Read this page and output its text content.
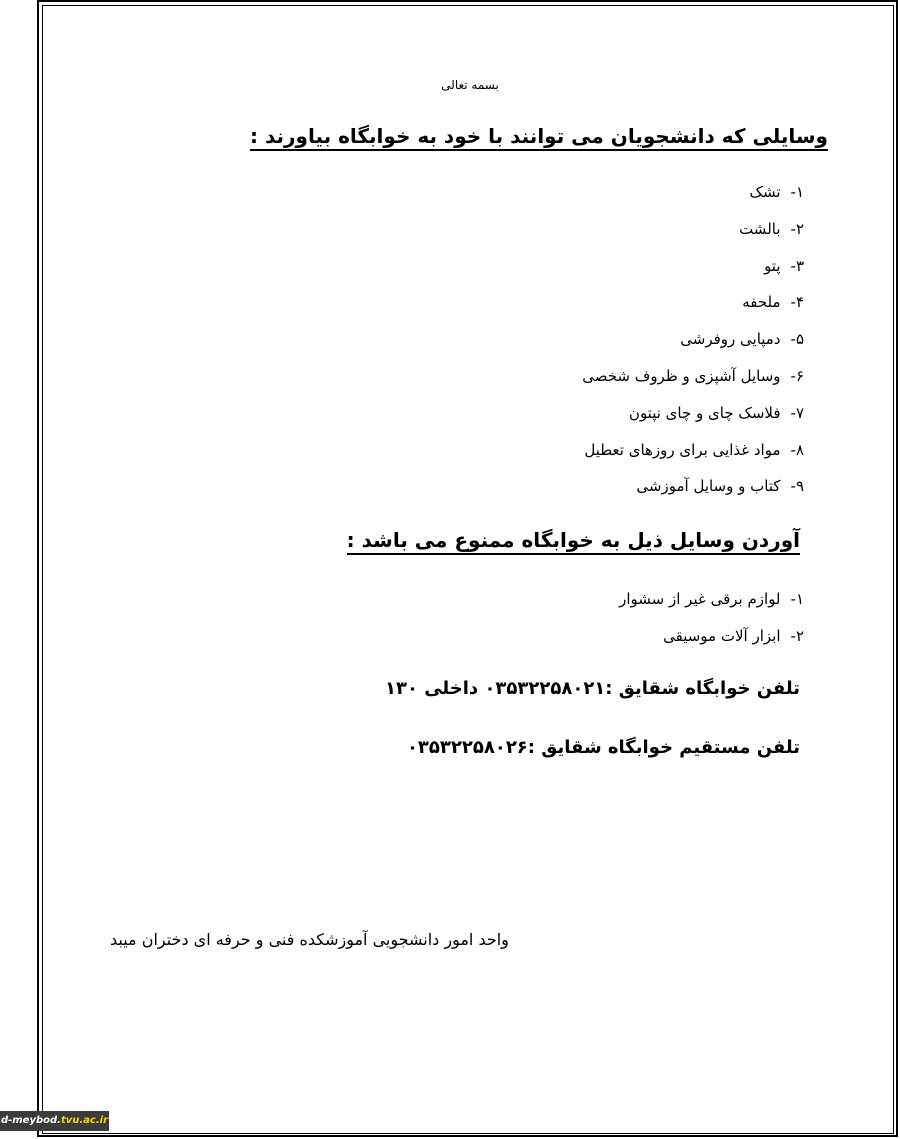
بسمه تعالی
وسایلی که دانشجویان می توانند با خود به خوابگاه بیاورند :
۱-تشک
۲-بالشت
۳-پتو
۴-ملحفه
۵-دمپایی روفرشی
۶-وسایل آشپزی و ظروف شخصی
۷-فلاسک چای و چای نپتون
۸-مواد غذایی برای روزهای تعطیل
۹-کتاب و وسایل آموزشی
آوردن وسایل ذیل به خوابگاه ممنوع می باشد :
۱-لوازم برقی غیر از سشوار
۲-ابزار آلات موسیقی
تلفن خوابگاه شقایق :۰۳۵۳۲۲۵۸۰۲۱ داخلی ۱۳۰
تلفن مستقیم خوابگاه شقایق :۰۳۵۳۲۲۵۸۰۲۶
واحد امور دانشجویی آموزشکده فنی و حرفه ای دختران میبد
d-meybod.tvu.ac.ir
